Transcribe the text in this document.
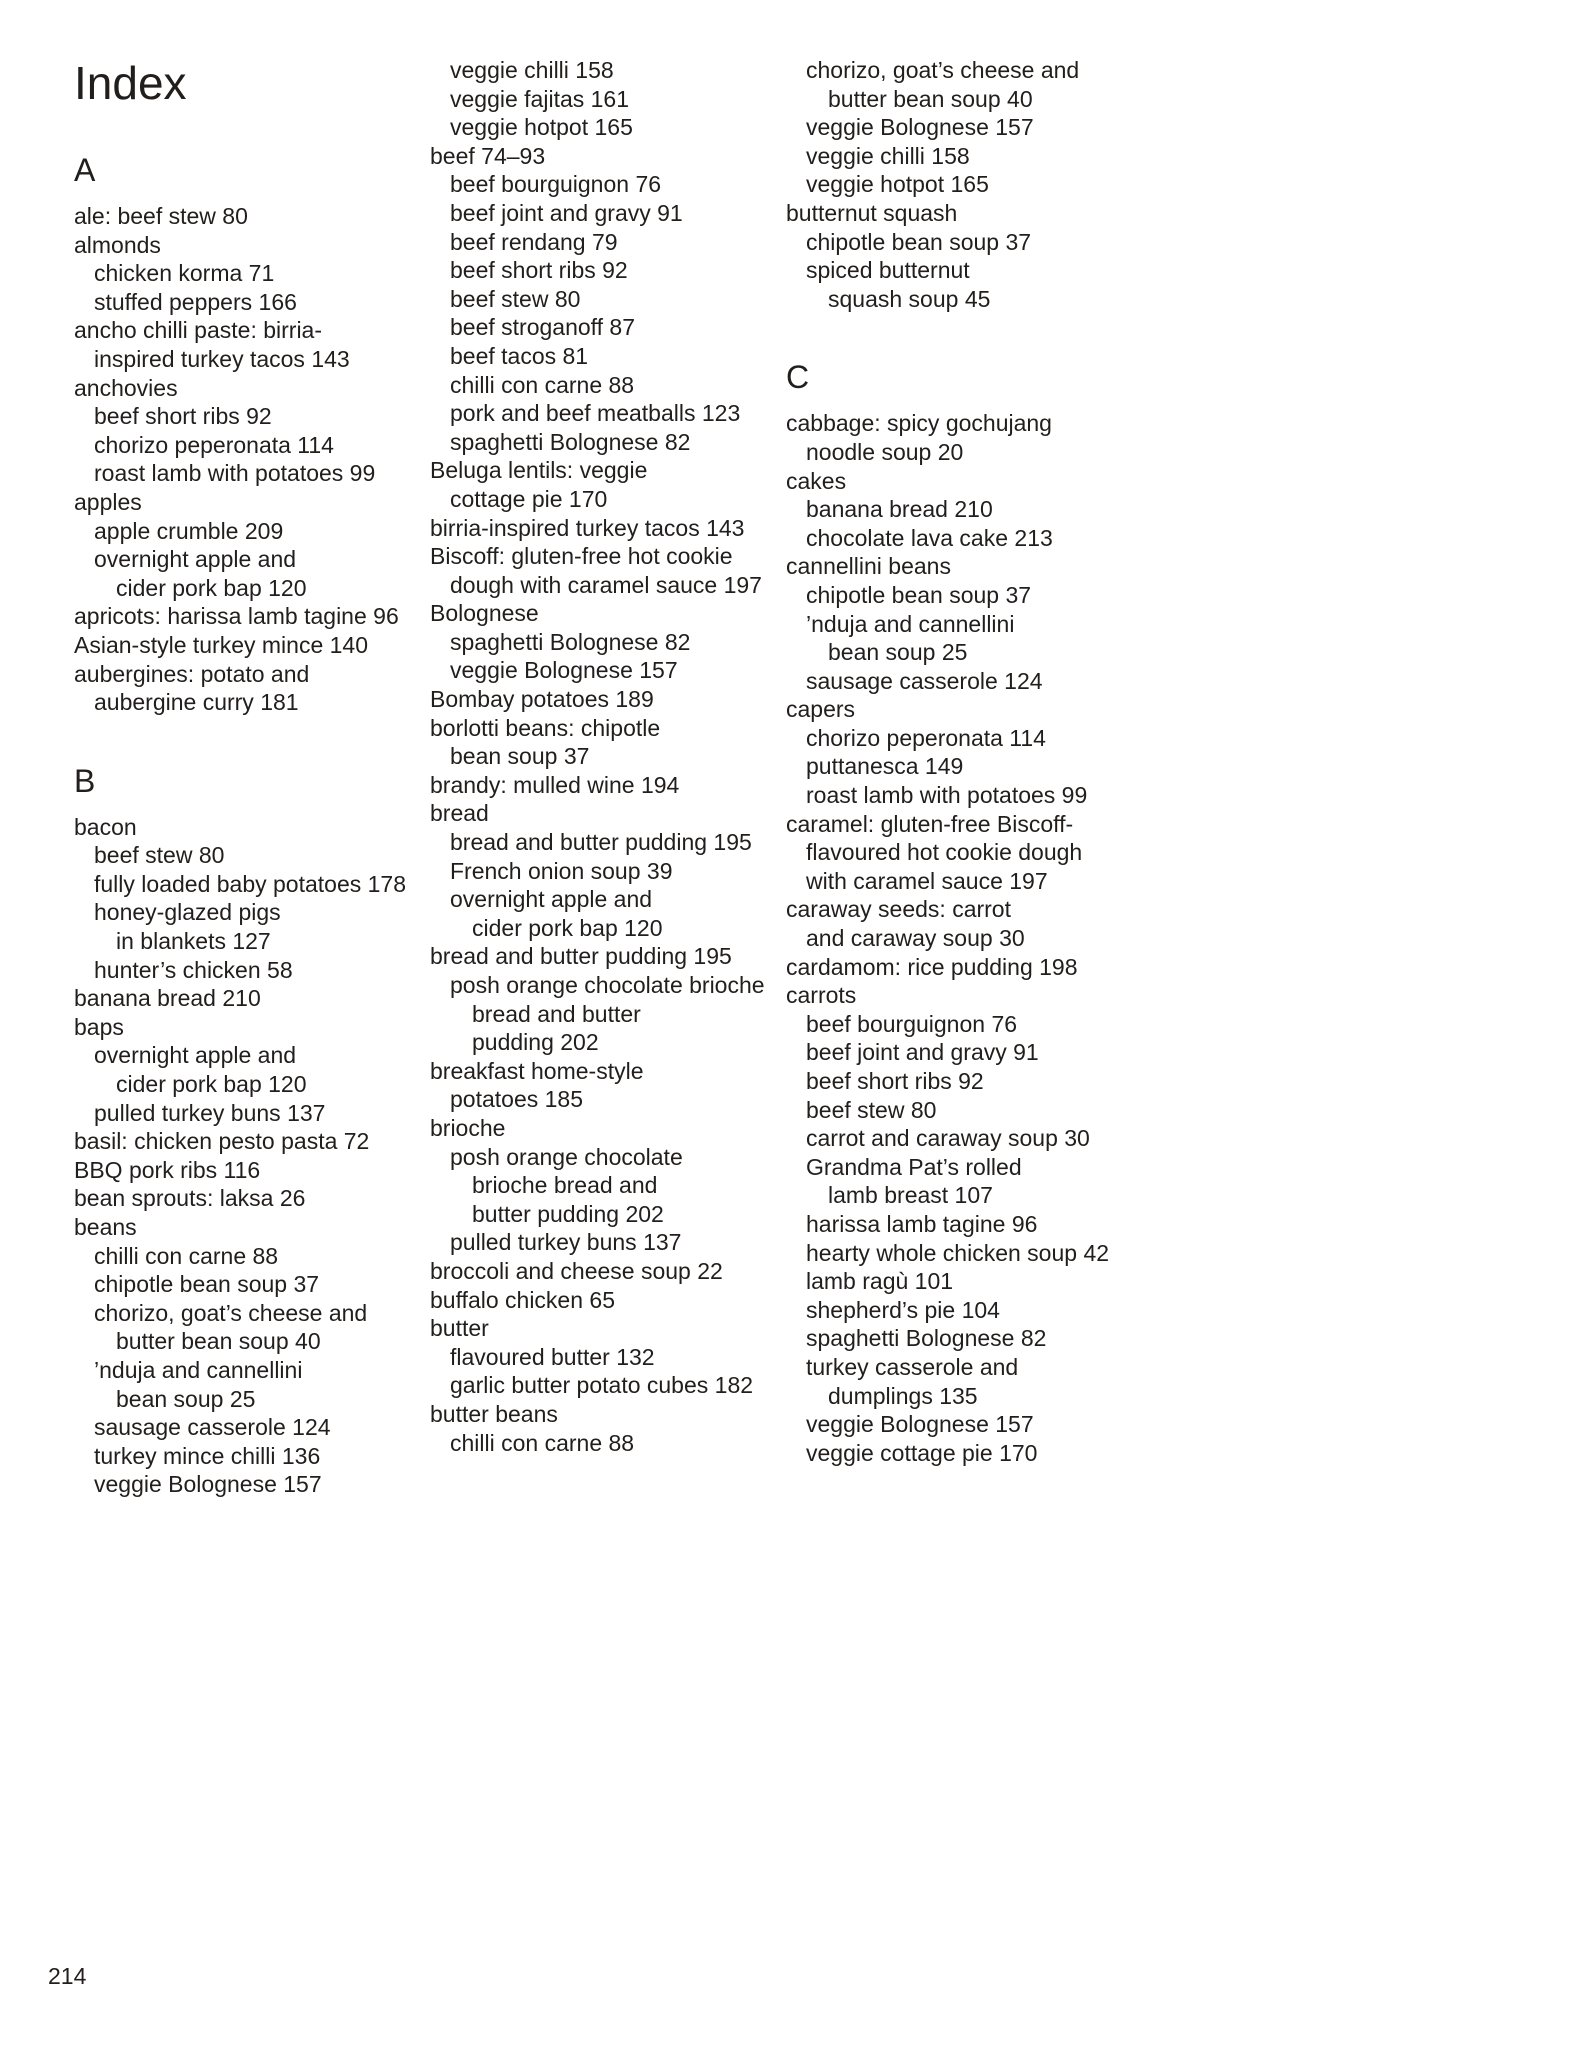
Index
A
ale: beef stew 80
almonds
chicken korma 71
stuffed peppers 166
ancho chilli paste: birria-
inspired turkey tacos 143
anchovies
beef short ribs 92
chorizo peperonata 114
roast lamb with potatoes 99
apples
apple crumble 209
overnight apple and
cider pork bap 120
apricots: harissa lamb tagine 96
Asian-style turkey mince 140
aubergines: potato and
aubergine curry 181
B
bacon
beef stew 80
fully loaded baby potatoes 178
honey-glazed pigs
in blankets 127
hunter’s chicken 58
banana bread 210
baps
overnight apple and
cider pork bap 120
pulled turkey buns 137
basil: chicken pesto pasta 72
BBQ pork ribs 116
bean sprouts: laksa 26
beans
chilli con carne 88
chipotle bean soup 37
chorizo, goat’s cheese and
butter bean soup 40
’nduja and cannellini
bean soup 25
sausage casserole 124
turkey mince chilli 136
veggie Bolognese 157
veggie chilli 158
veggie fajitas 161
veggie hotpot 165
beef 74–93
beef bourguignon 76
beef joint and gravy 91
beef rendang 79
beef short ribs 92
beef stew 80
beef stroganoff 87
beef tacos 81
chilli con carne 88
pork and beef meatballs 123
spaghetti Bolognese 82
Beluga lentils: veggie
cottage pie 170
birria-inspired turkey tacos 143
Biscoff: gluten-free hot cookie
dough with caramel sauce 197
Bolognese
spaghetti Bolognese 82
veggie Bolognese 157
Bombay potatoes 189
borlotti beans: chipotle
bean soup 37
brandy: mulled wine 194
bread
bread and butter pudding 195
French onion soup 39
overnight apple and
cider pork bap 120
bread and butter pudding 195
posh orange chocolate brioche
bread and butter
pudding 202
breakfast home-style
potatoes 185
brioche
posh orange chocolate
brioche bread and
butter pudding 202
pulled turkey buns 137
broccoli and cheese soup 22
buffalo chicken 65
butter
flavoured butter 132
garlic butter potato cubes 182
butter beans
chilli con carne 88
chorizo, goat’s cheese and
butter bean soup 40
veggie Bolognese 157
veggie chilli 158
veggie hotpot 165
butternut squash
chipotle bean soup 37
spiced butternut
squash soup 45
C
cabbage: spicy gochujang
noodle soup 20
cakes
banana bread 210
chocolate lava cake 213
cannellini beans
chipotle bean soup 37
’nduja and cannellini
bean soup 25
sausage casserole 124
capers
chorizo peperonata 114
puttanesca 149
roast lamb with potatoes 99
caramel: gluten-free Biscoff-
flavoured hot cookie dough
with caramel sauce 197
caraway seeds: carrot
and caraway soup 30
cardamom: rice pudding 198
carrots
beef bourguignon 76
beef joint and gravy 91
beef short ribs 92
beef stew 80
carrot and caraway soup 30
Grandma Pat’s rolled
lamb breast 107
harissa lamb tagine 96
hearty whole chicken soup 42
lamb ragù 101
shepherd’s pie 104
spaghetti Bolognese 82
turkey casserole and
dumplings 135
veggie Bolognese 157
veggie cottage pie 170
214
